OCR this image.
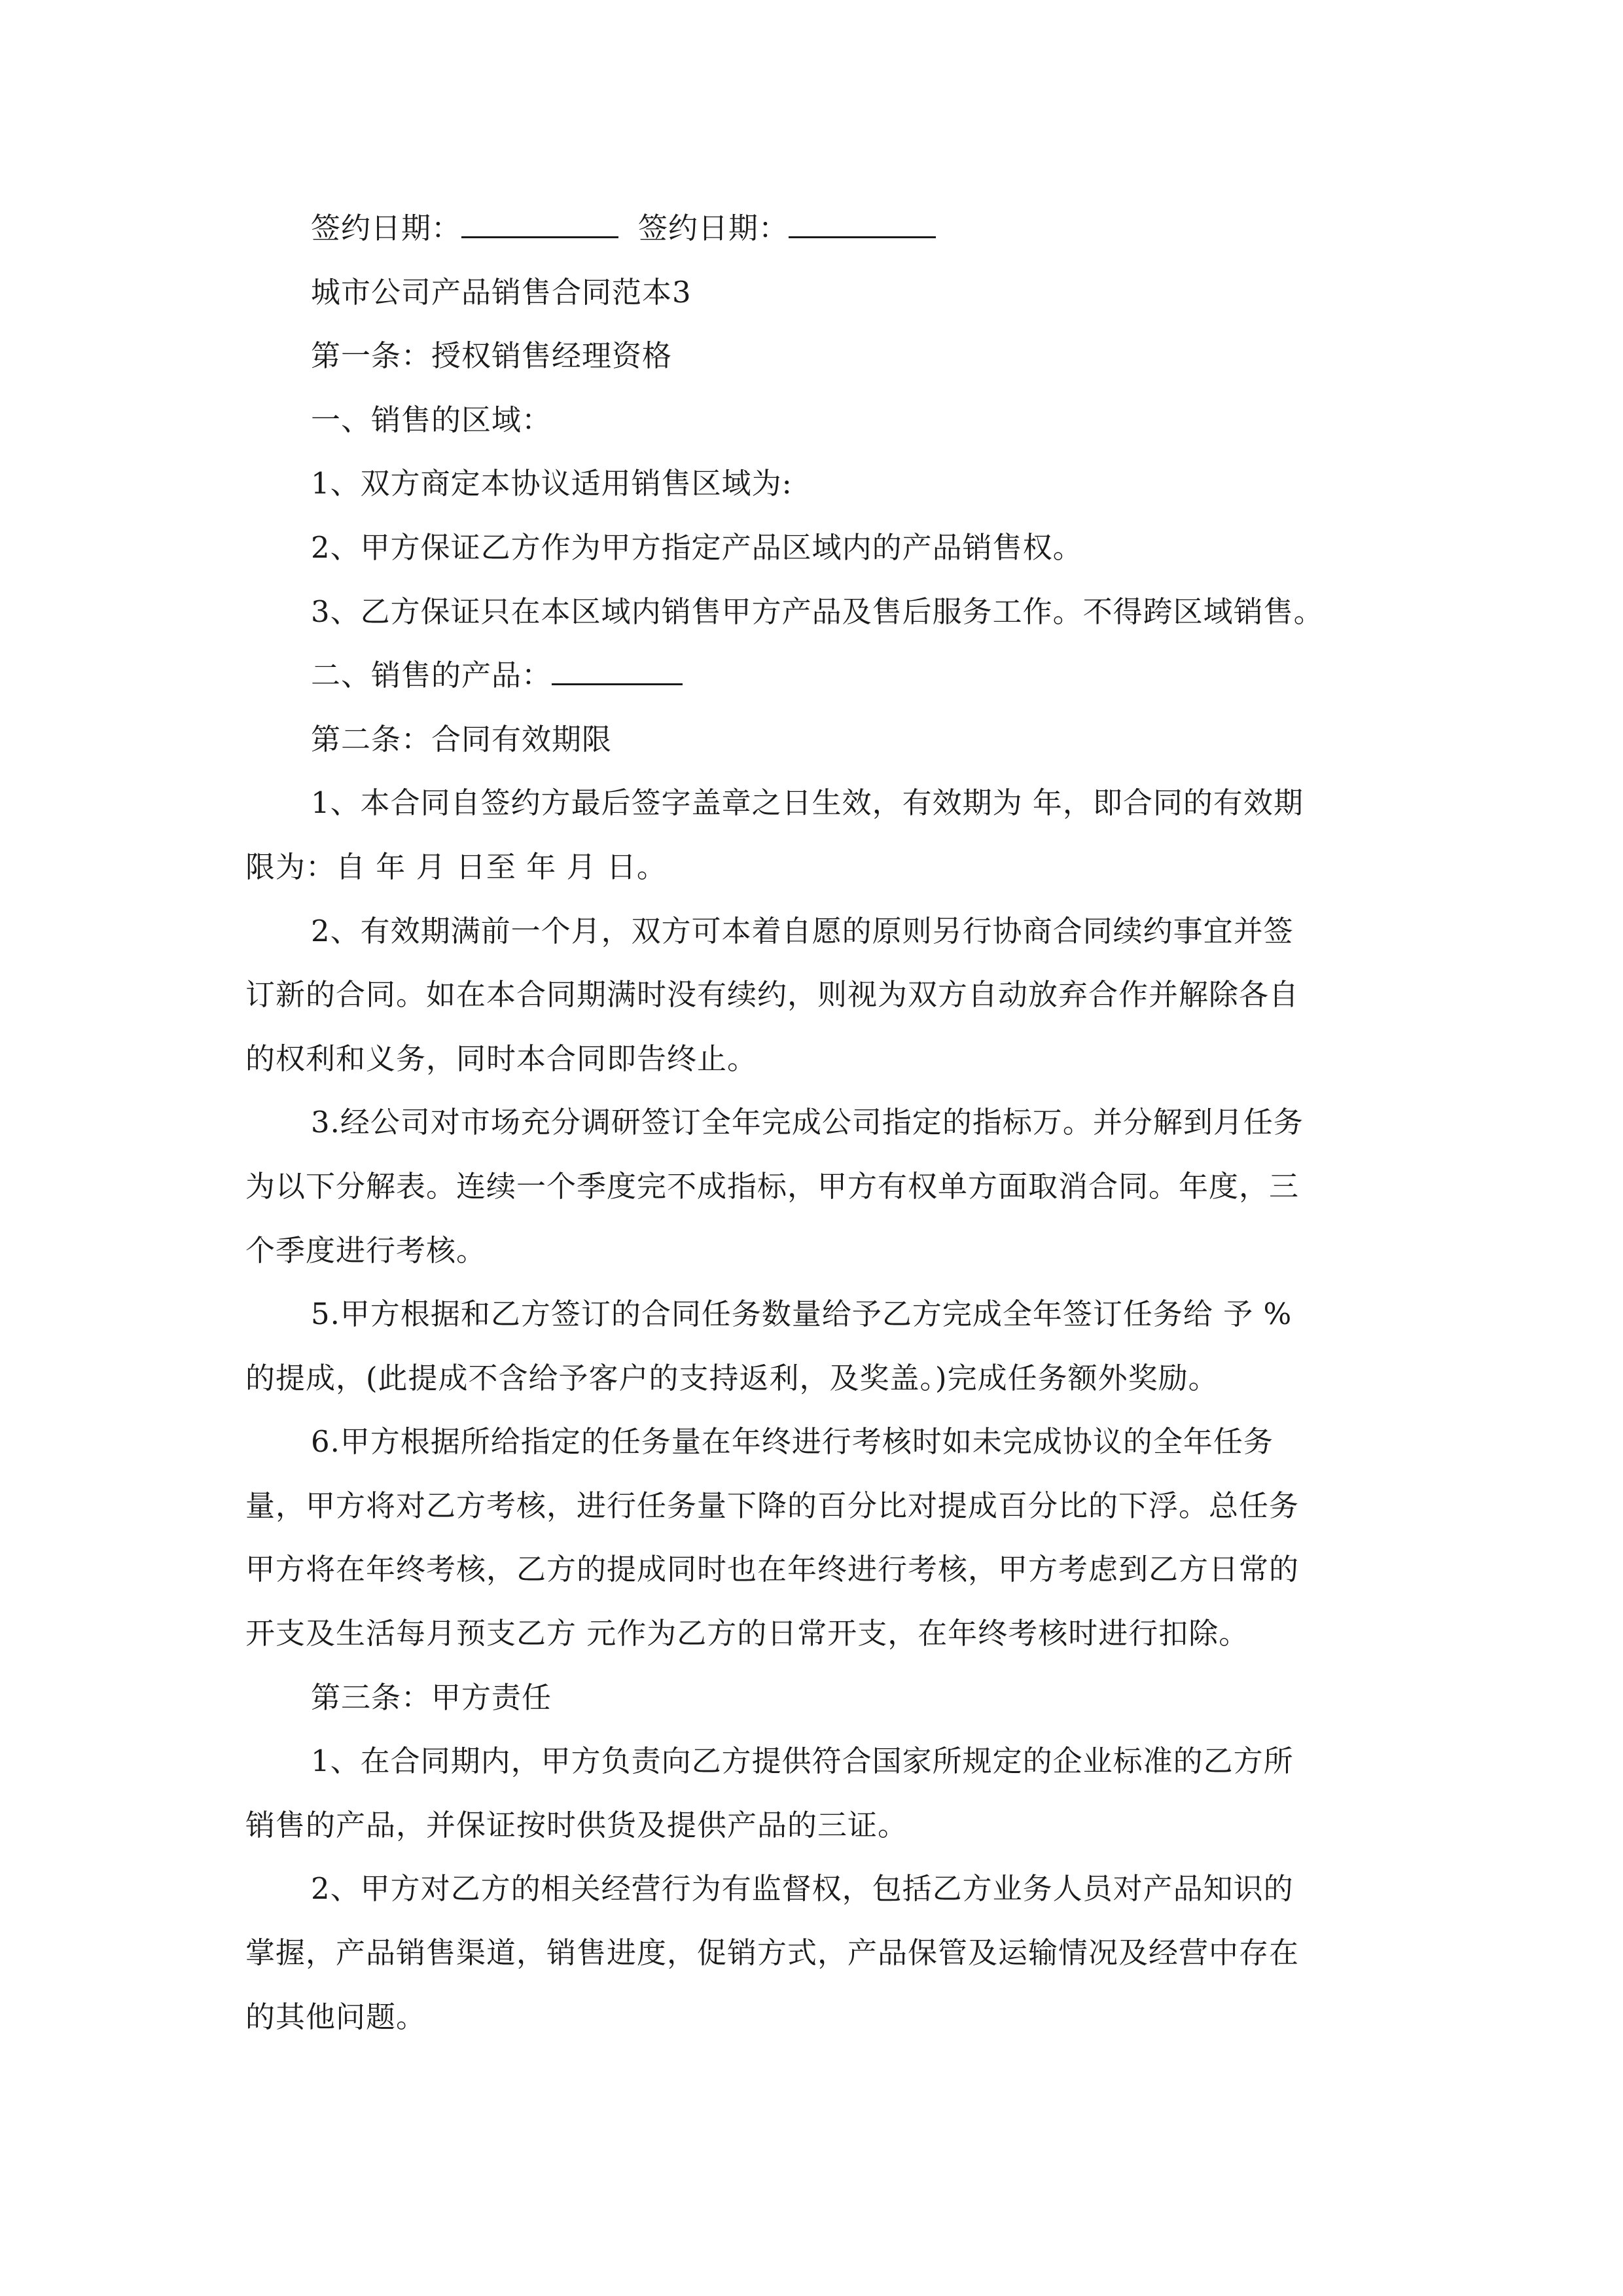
签约日期：	签约日期：
城市公司产品销售合同范本3
第一条：授权销售经理资格
一、销售的区域：
1、双方商定本协议适用销售区域为:
2、甲方保证乙方作为甲方指定产品区域内的产品销售权。
3、乙方保证只在本区域内销售甲方产品及售后服务工作。不得跨区域销售。
二、销售的产品：
第二条：合同有效期限
1、本合同自签约方最后签字盖章之日生效，有效期为 年，即合同的有效期
限为：自 年 月 日至 年 月 日。
2、有效期满前一个月，双方可本着自愿的原则另行协商合同续约事宜并签
订新的合同。如在本合同期满时没有续约，则视为双方自动放弃合作并解除各自
的权利和义务，同时本合同即告终止。
3.经公司对市场充分调研签订全年完成公司指定的指标万。并分解到月任务
为以下分解表。连续一个季度完不成指标，甲方有权单方面取消合同。年度，三
个季度进行考核。
5.甲方根据和乙方签订的合同任务数量给予乙方完成全年签订任务给 予 %
的提成，(此提成不含给予客户的支持返利，及奖盖。)完成任务额外奖励。
6.甲方根据所给指定的任务量在年终进行考核时如未完成协议的全年任务
量，甲方将对乙方考核，进行任务量下降的百分比对提成百分比的下浮。总任务
甲方将在年终考核，乙方的提成同时也在年终进行考核，甲方考虑到乙方日常的
开支及生活每月预支乙方 元作为乙方的日常开支，在年终考核时进行扣除。
第三条：甲方责任
1、在合同期内，甲方负责向乙方提供符合国家所规定的企业标准的乙方所
销售的产品，并保证按时供货及提供产品的三证。
2、甲方对乙方的相关经营行为有监督权，包括乙方业务人员对产品知识的
掌握，产品销售渠道，销售进度，促销方式，产品保管及运输情况及经营中存在
的其他问题。
